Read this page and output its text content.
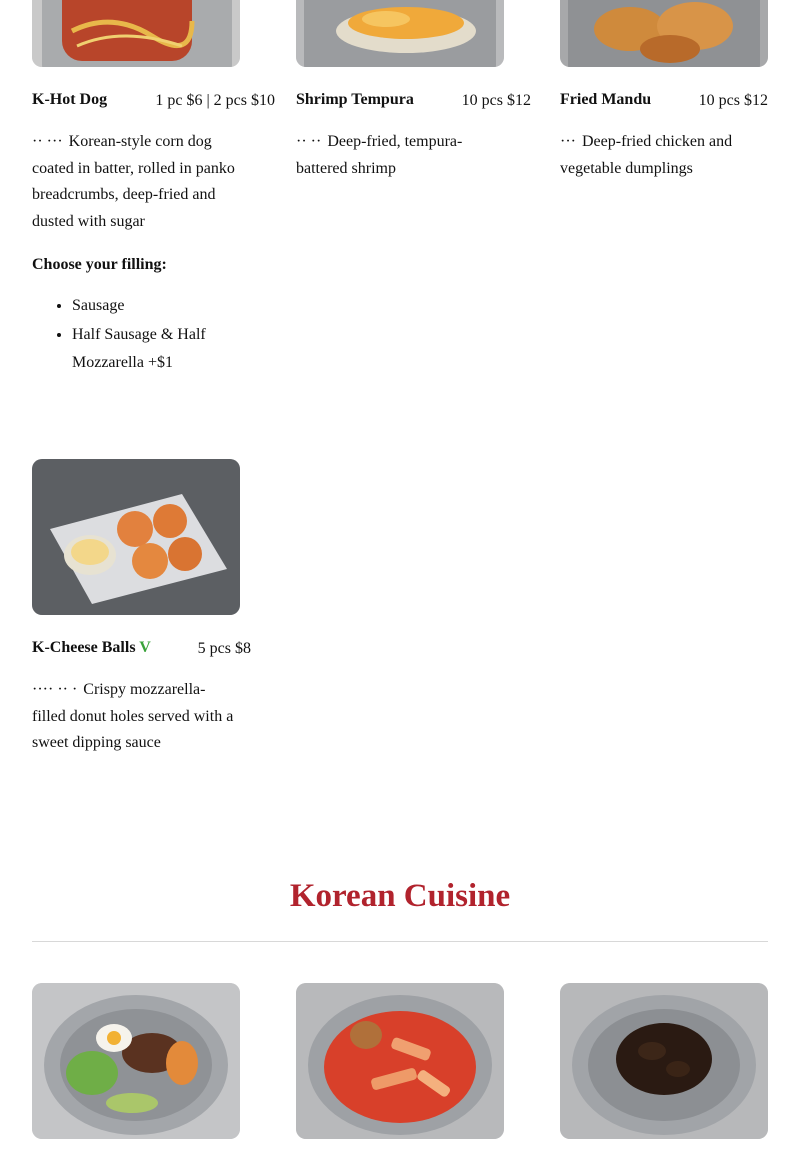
K-Hot Dog	1 pc $6 | 2 pcs $10
·· ··· Korean-style corn dog coated in batter, rolled in panko breadcrumbs, deep-fried and dusted with sugar
Choose your filling:
• Sausage
• Half Sausage & Half Mozzarella +$1
Shrimp Tempura	10 pcs $12
·· ·· Deep-fried, tempura-battered shrimp
Fried Mandu	10 pcs $12
··· Deep-fried chicken and vegetable dumplings
K-Cheese Balls V	5 pcs $8
···· ·· · Crispy mozzarella-filled donut holes served with a sweet dipping sauce
Korean Cuisine
